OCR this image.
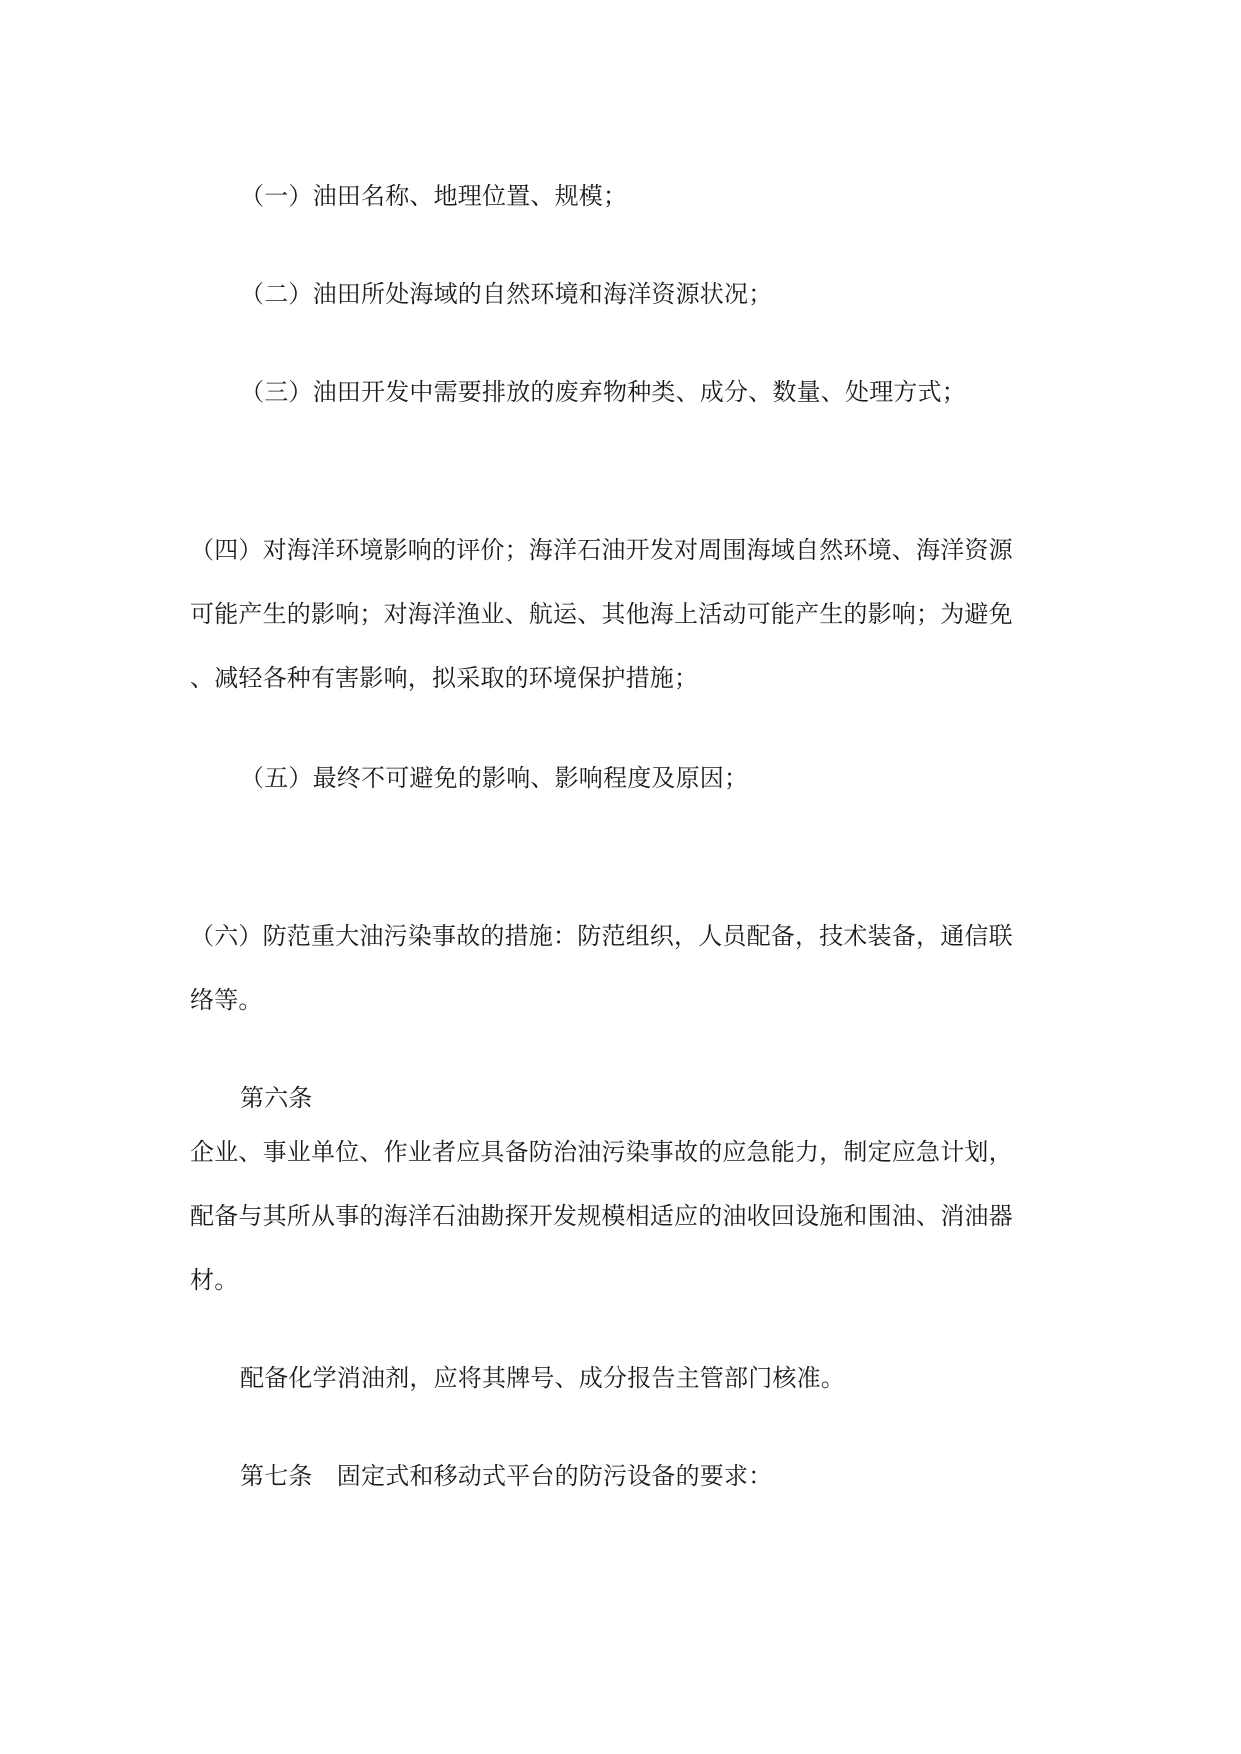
（一）油田名称、地理位置、规模；
（二）油田所处海域的自然环境和海洋资源状况；
（三）油田开发中需要排放的废弃物种类、成分、数量、处理方式；
（四）对海洋环境影响的评价；海洋石油开发对周围海域自然环境、海洋资源
可能产生的影响；对海洋渔业、航运、其他海上活动可能产生的影响；为避免
、减轻各种有害影响，拟采取的环境保护措施；
（五）最终不可避免的影响、影响程度及原因；
（六）防范重大油污染事故的措施：防范组织，人员配备，技术装备，通信联
络等。
第六条
企业、事业单位、作业者应具备防治油污染事故的应急能力，制定应急计划，
配备与其所从事的海洋石油勘探开发规模相适应的油收回设施和围油、消油器
材。
配备化学消油剂，应将其牌号、成分报告主管部门核准。
第七条　固定式和移动式平台的防污设备的要求：
